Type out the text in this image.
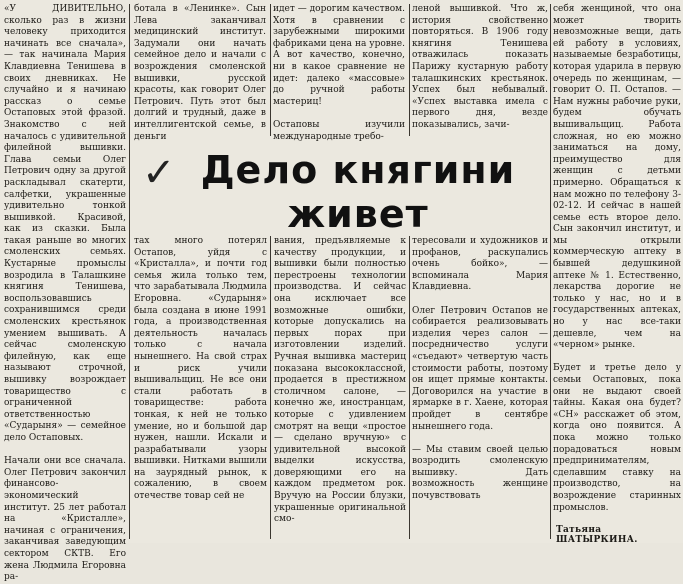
«У ДИВИТЕЛЬНО, сколько раз в жизни человеку приходится начинать все сначала», — так начинала Мария Клавдиевна Тенишева в своих дневниках. Не случайно и я начинаю рассказ о семье Остаповых этой фразой. Знакомство с ней началось с удивительной филейной вышивки. Глава семьи Олег Петрович одну за другой раскладывал скатерти, салфетки, украшенные удивительно тонкой вышивкой. Красивой, как из сказки. Была такая раньше во многих смоленских семьях. Кустарные промыслы возродила в Талашкине княгиня Тенишева, воспользовавшись сохранившимся среди смоленских крестьянок умением вышивать. А сейчас смоленскую филейную, как еще называют строчной, вышивку возрождает товарищество с ограниченной ответственностью «Сударыня» — семейное дело Остаповых.

Начали они все сначала. Олег Петрович закончил финансово-экономический институт. 25 лет работал на «Кристалле», начиная с ограничения, заканчивая заведующим сектором СКТВ. Его жена Людмила Егоровна ра-
ботала в «Ленинке». Сын Лева заканчивал медицинский институт. Задумали они начать семейное дело и начали с возрождения смоленской вышивки, русской красоты, как говорит Олег Петрович. Путь этот был долгий и трудный, даже в интеллигентской семье, в деньги
идет — дорогим качеством. Хотя в сравнении с зарубежными широкими фабриками цена на уровне. А вот качество, конечно, ни в какое сравнение не идет: далеко «массовые» до ручной работы мастериц!

Остаповы изучили международные требо-
леной вышивкой. Что ж, история свойственно повторяться. В 1906 году княгиня Тенишева отважилась показать Парижу кустарную работу талашкинских крестьянок. Успех был небывалый. «Успех выставка имела с первого дня, везде показывались, зачи-
✓ Дело княгини
живет
тах много потерял Остапов, уйдя с «Кристалла», и почти год семья жила только тем, что зарабатывала Людмила Егоровна. «Сударыня» была создана в июне 1991 года, а производственная деятельность началась только с начала нынешнего. На свой страх и риск учили вышивальщиц. Не все они стали работать в товариществе: работа тонкая, к ней не только умение, но и большой дар нужен, нашли. Искали и разрабатывали узоры вышивки. Нитками вышили на заурядный рынок, к сожалению, в своем отечестве товар сей не
вания, предъявляемые к качеству продукции, и вышивки были полностью перестроены технологии производства. И сейчас она исключает все возможные ошибки, которые допускались на первых порах при изготовлении изделий. Ручная вышивка мастериц показана высококлассной, продается в престижном столичном салоне, — конечно же, иностранцам, которые с удивлением смотрят на вещи «простое — сделано вручную» с удивительной высокой выделки искусства, доверяющими его на каждом предметом рок. Вручую на России блузки, украшенные оригинальной смо-
тересовали и художников и профанов, раскупались очень бойко», — вспоминала Мария Клавдиевна.

Олег Петрович Остапов не собирается реализовывать изделия через салон — посредничество услуги «съедают» четвертую часть стоимости работы, поэтому он ищет прямые контакты. Договорился на участие в ярмарке в г. Хаене, которая пройдет в сентябре нынешнего года.

— Мы ставим своей целью возродить смоленскую вышивку. Дать возможность женщине почувствовать
себя женщиной, что она может творить невозможные вещи, дать ей работу в условиях, называемые безработицы, которая ударила в первую очередь по женщинам, — говорит О. П. Остапов. — Нам нужны рабочие руки, будем обучать вышивальщиц. Работа сложная, но ею можно заниматься на дому, преимущество для женщин с детьми примерно. Обращаться к нам можно по телефону 3-02-12. И сейчас в нашей семье есть второе дело. Сын закончил институт, и мы открыли коммерческую аптеку в бывшей дедушкиной аптеке № 1. Естественно, лекарства дорогие не только у нас, но и в государственных аптеках, но у нас все-таки дешевле, чем на «черном» рынке.

Будет и третье дело у семьи Остаповых, пока они не выдают своей тайны. Какая она будет? «СН» расскажет об этом, когда оно появится. А пока можно только порадоваться новым предпринимателям, сделавшим ставку на производство, на возрождение старинных промыслов.
Татьяна ШАТЫРКИНА.
